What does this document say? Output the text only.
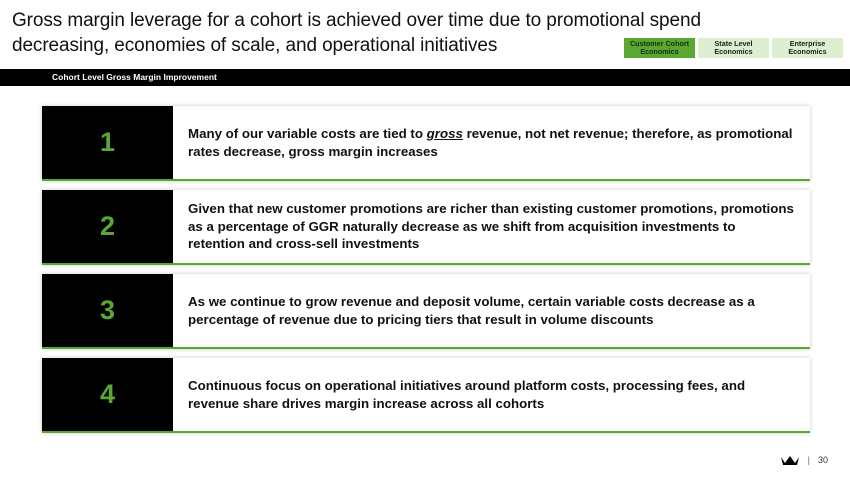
Gross margin leverage for a cohort is achieved over time due to promotional spend decreasing, economies of scale, and operational initiatives	Customer Cohort
Economics
State Level
Economics
Enterprise
Economics
Cohort Level Gross Margin Improvement
1	Many of our variable costs are tied to gross revenue, not net revenue; therefore, as promotional rates decrease, gross margin increases
2
Given that new customer promotions are richer than existing customer promotions, promotions as a percentage of GGR naturally decrease as we shift from acquisition investments to retention and cross-sell investments
3	As we continue to grow revenue and deposit volume, certain variable costs decrease as a percentage of revenue due to pricing tiers that result in volume discounts
4	Continuous focus on operational initiatives around platform costs, processing fees, and revenue share drives margin increase across all cohorts
| 30
